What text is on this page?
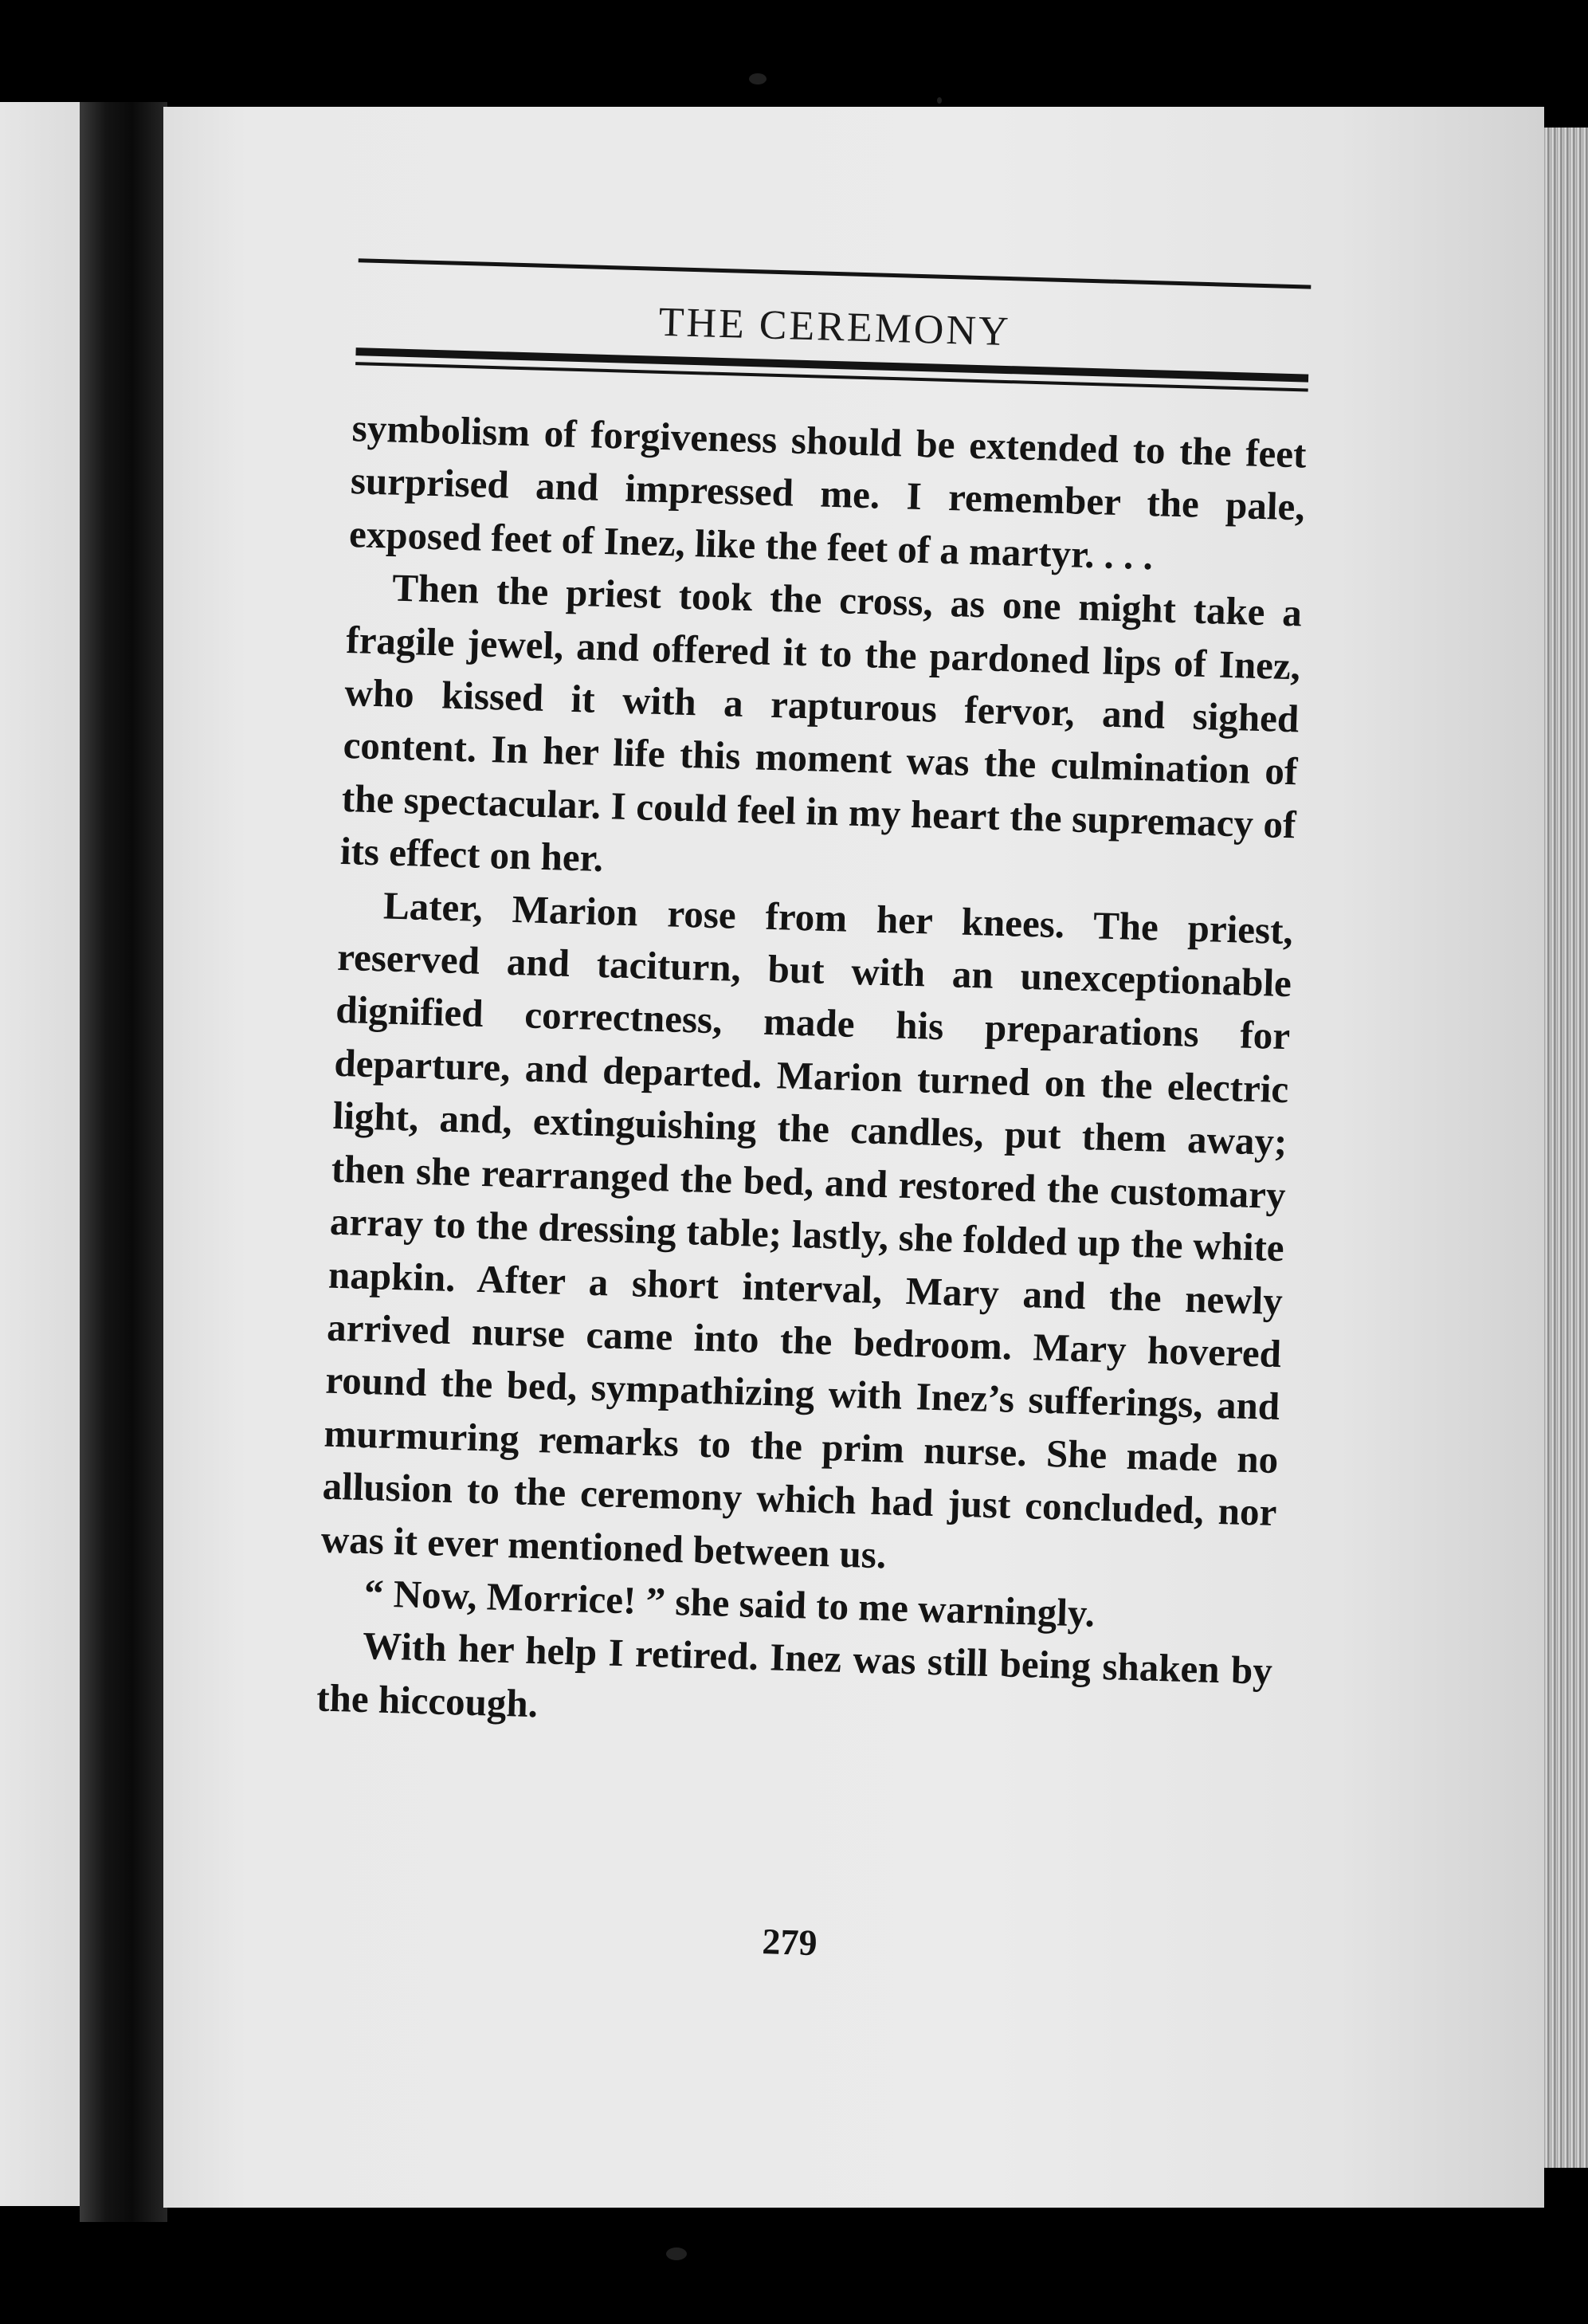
THE CEREMONY

symbolism of forgiveness should be extended to the feet surprised and impressed me. I remember the pale, exposed feet of Inez, like the feet of a martyr. . . .

Then the priest took the cross, as one might take a fragile jewel, and offered it to the pardoned lips of Inez, who kissed it with a rapturous fervor, and sighed content. In her life this moment was the culmination of the spectacular. I could feel in my heart the supremacy of its effect on her.

Later, Marion rose from her knees. The priest, reserved and taciturn, but with an unexceptionable dignified correctness, made his preparations for departure, and departed. Marion turned on the electric light, and, extinguishing the candles, put them away; then she rearranged the bed, and restored the customary array to the dressing table; lastly, she folded up the white napkin. After a short interval, Mary and the newly arrived nurse came into the bedroom. Mary hovered round the bed, sympathizing with Inez’s sufferings, and murmuring remarks to the prim nurse. She made no allusion to the ceremony which had just concluded, nor was it ever mentioned between us.

“ Now, Morrice! ” she said to me warningly.

With her help I retired. Inez was still being shaken by the hiccough.

279
